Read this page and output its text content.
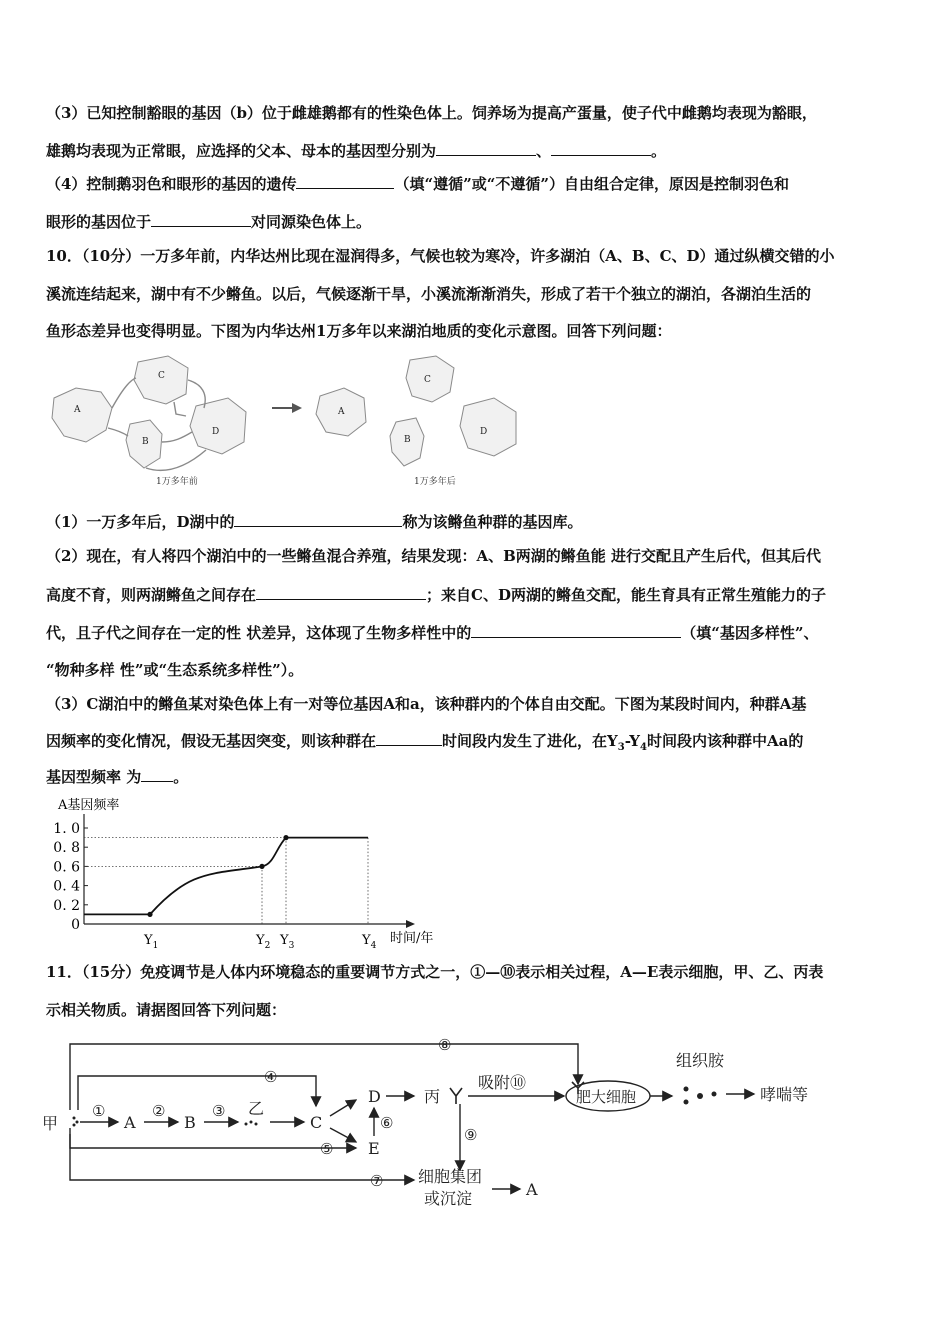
（3）已知控制豁眼的基因（b）位于雌雄鹅都有的性染色体上。饲养场为提高产蛋量，使子代中雌鹅均表现为豁眼，
雄鹅均表现为正常眼，应选择的父本、母本的基因型分别为	、	。
（4）控制鹅羽色和眼形的基因的遗传	（填“遵循”或“不遵循”）自由组合定律，原因是控制羽色和
眼形的基因位于	对同源染色体上。
10．（10分）一万多年前，内华达州比现在湿润得多，气候也较为寒冷，许多湖泊（A、B、C、D）通过纵横交错的小
溪流连结起来，湖中有不少鳉鱼。以后，气候逐渐干旱，小溪流渐渐消失，形成了若干个独立的湖泊，各湖泊生活的
鱼形态差异也变得明显。下图为内华达州1万多年以来湖泊地质的变化示意图。回答下列问题：
A
B
C
D
A
B
C
D
1万多年前	1万多年后
（1）一万多年后，D湖中的	称为该鳉鱼种群的基因库。
（2）现在，有人将四个湖泊中的一些鳉鱼混合养殖，结果发现：A、B两湖的鳉鱼能 进行交配且产生后代，但其后代
高度不育，则两湖鳉鱼之间存在	；来自C、D两湖的鳉鱼交配，能生育具有正常生殖能力的子
代，且子代之间存在一定的性 状差异，这体现了生物多样性中的	（填“基因多样性”、
“物种多样 性”或“生态系统多样性”）。
（3）C湖泊中的鳉鱼某对染色体上有一对等位基因A和a，该种群内的个体自由交配。下图为某段时间内，种群A基
因频率的变化情况，假设无基因突变，则该种群在	时间段内发生了进化，在$Y_3-Y_4$时间段内该种群中Aa的
基因型频率 为 。
A基因频率
时间/年
1. 0
0. 8
0. 6
0. 4
0. 2
0
$Y_1$	$Y_2$ $Y_3$	$Y_4$
11．（15分）免疫调节是人体内环境稳态的重要调节方式之一，①—⑩表示相关过程，A—E表示细胞，甲、乙、丙表
示相关物质。请据图回答下列问题：
甲	A	B
乙
C
D
E
丙
吸附⑩
肥大细胞
组织胺
哮喘等
细胞集团
或沉淀	A
①	②	③
④
⑤
⑥
⑦
⑧
⑨
